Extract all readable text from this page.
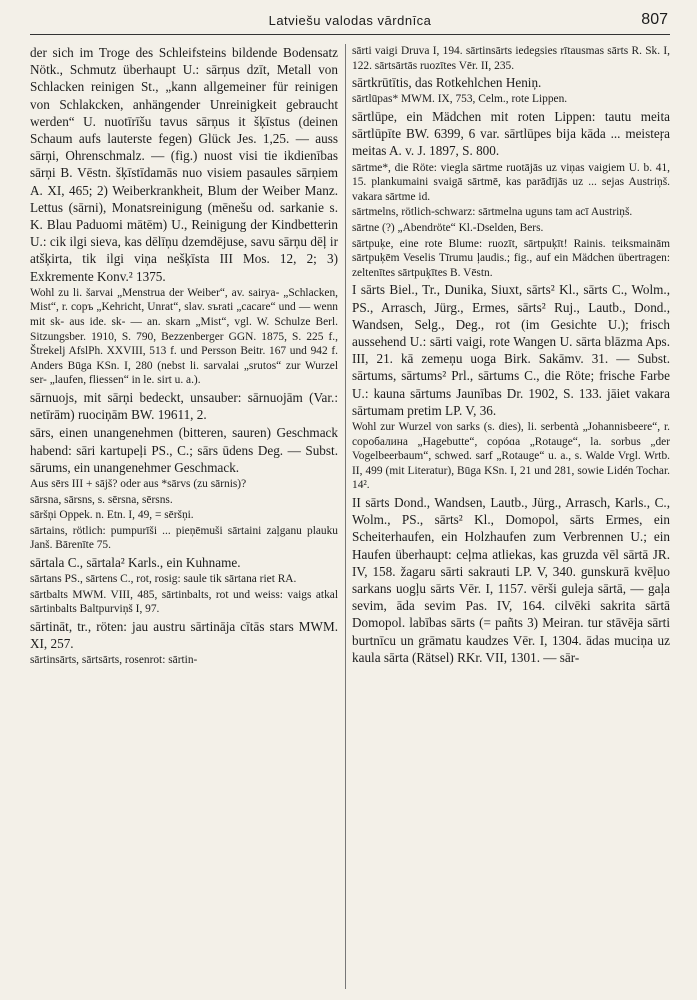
Latviešu valodas vārdnīca	807

der sich im Troge des Schleifsteins bildende Bodensatz Nötk., Schmutz überhaupt U.: sārņus dzīt, Metall von Schlacken reinigen St., „kann allgemeiner für reinigen von Schlakcken, anhängender Unreinigkeit gebraucht werden“ U. nuotīrīšu tavus sārņus it šķīstus (deinen Schaum aufs lauterste fegen) Glück Jes. 1,25. — auss sārņi, Ohrenschmalz. — (fig.) nuost visi tie ikdienības sārņi B. Vēstn. šķīstīdamās nuo visiem pasaules sārņiem A. XI, 465; 2) Weiberkrankheit, Blum der Weiber Manz. Lettus (sārni), Monatsreinigung (mēnešu od. sarkanie s. K. Blau Paduomi mātēm) U., Reinigung der Kindbetterin U.: cik ilgi sieva, kas dēlīņu dzemdējuse, savu sārņu dēļ ir atšķirta, tik ilgi viņa nešķīsta III Mos. 12, 2; 3) Exkremente Konv.² 1375.

Wohl zu li. šarvai „Menstrua der Weiber“, av. sairya- „Schlacken, Mist“, r. copъ „Kehricht, Unrat“, slav. sъrati „cacare“ und — wenn mit sk- aus ide. sk- — an. skarn „Mist“, vgl. W. Schulze Berl. Sitzungsber. 1910, S. 790, Bezzenberger GGN. 1875, S. 225 f., Štrekelj AfslPh. XXVIII, 513 f. und Persson Beitr. 167 und 942 f. Anders Būga KSn. I, 280 (nebst li. sarvalai „srutos“ zur Wurzel ser- „laufen, fliessen“ in le. sirt u. a.).

sārnuojs, mit sārņi bedeckt, unsauber: sārnuojām (Var.: netīrām) ruociņām BW. 19611, 2.

sārs, einen unangenehmen (bitteren, sauren) Geschmack habend: sāri kartupeļi PS., C.; sārs ūdens Deg. — Subst. sārums, ein unangenehmer Geschmack.

Aus sērs III + sājš? oder aus *sārvs (zu sārnis)?

sārsna, sārsns, s. sērsna, sērsns.

sāršņi Oppek. n. Etn. I, 49, = sēršņi.

sārtains, rötlich: pumpurīši ... pieņēmuši sārtaini zaļganu plauku Janš. Bārenīte 75.

sārtala C., sārtala² Karls., ein Kuhname.

sārtans PS., sārtens C., rot, rosig: saule tik sārtana riet RA.

sārtbalts MWM. VIII, 485, sārtinbalts, rot und weiss: vaigs atkal sārtinbalts Baltpurviņš I, 97.

sārtināt, tr., röten: jau austru sārtināja cītās stars MWM. XI, 257.

sārtinsārts, sārtsārts, rosenrot: sārtin-

sārti vaigi Druva I, 194. sārtinsārts iedegsies rītausmas sārts R. Sk. I, 122. sārtsārtās ruozītes Vēr. II, 235.

sārtkrūtītis, das Rotkehlchen Heniņ.

sārtlūpas* MWM. IX, 753, Celm., rote Lippen.

sārtlūpe, ein Mädchen mit roten Lippen: tautu meita sārtlūpīte BW. 6399, 6 var. sārtlūpes bija kāda ... meisteŗa meitas A. v. J. 1897, S. 800.

sārtme*, die Röte: viegla sārtme ruotājās uz viņas vaigiem U. b. 41, 15. plankumaini svaigā sārtmē, kas parādījās uz ... sejas Austriņš. vakara sārtme id.

sārtmelns, rötlich-schwarz: sārtmelna uguns tam acī Austriņš.

sārtne (?) „Abendröte“ Kl.-Dselden, Bers.

sārtpuķe, eine rote Blume: ruozīt, sārtpuķīt! Rainis. teiksmainām sārtpuķēm Veselis Tīrumu ļaudis.; fig., auf ein Mädchen übertragen: zeltenītes sārtpuķītes B. Vēstn.

I sārts Biel., Tr., Dunika, Siuxt, sārts² Kl., sārts C., Wolm., PS., Arrasch, Jürg., Ermes, sārts² Ruj., Lautb., Dond., Wandsen, Selg., Deg., rot (im Gesichte U.); frisch aussehend U.: sārti vaigi, rote Wangen U. sārta blāzma Aps. III, 21. kā zemeņu uoga Birk. Sakāmv. 31. — Subst. sārtums, sārtums² Prl., sārtums C., die Röte; frische Farbe U.: kauna sārtums Jaunības Dr. 1902, S. 133. jāiet vakara sārtumam pretim LP. V, 36.

Wohl zur Wurzel von sarks (s. dies), li. serbentà „Johannisbeere“, r. copoбaлина „Hagebutte“, copóɑa „Rotauge“, la. sorbus „der Vogelbeerbaum“, schwed. sarf „Rotauge“ u. a., s. Walde Vrgl. Wrtb. II, 499 (mit Literatur), Būga KSn. I, 21 und 281, sowie Lidén Tochar. 14².

II sārts Dond., Wandsen, Lautb., Jürg., Arrasch, Karls., C., Wolm., PS., sārts² Kl., Domopol, sārts Ermes, ein Scheiterhaufen, ein Holzhaufen zum Verbrennen U.; ein Haufen überhaupt: ceļma atliekas, kas gruzda vēl sārtā JR. IV, 158. žagaru sārti sakrauti LP. V, 340. gunskurā kvēļuo sarkans uogļu sārts Vēr. I, 1157. vērši guleja sārtā, — gaļa sevim, āda sevim Pas. IV, 164. cilvēki sakrita sārtā Domopol. labības sārts (= pañts 3) Meiran. tur stāvēja sārti burtnīcu un grāmatu kaudzes Vēr. I, 1304. ādas muciņa uz kaula sārta (Rätsel) RKr. VII, 1301. — sār-
